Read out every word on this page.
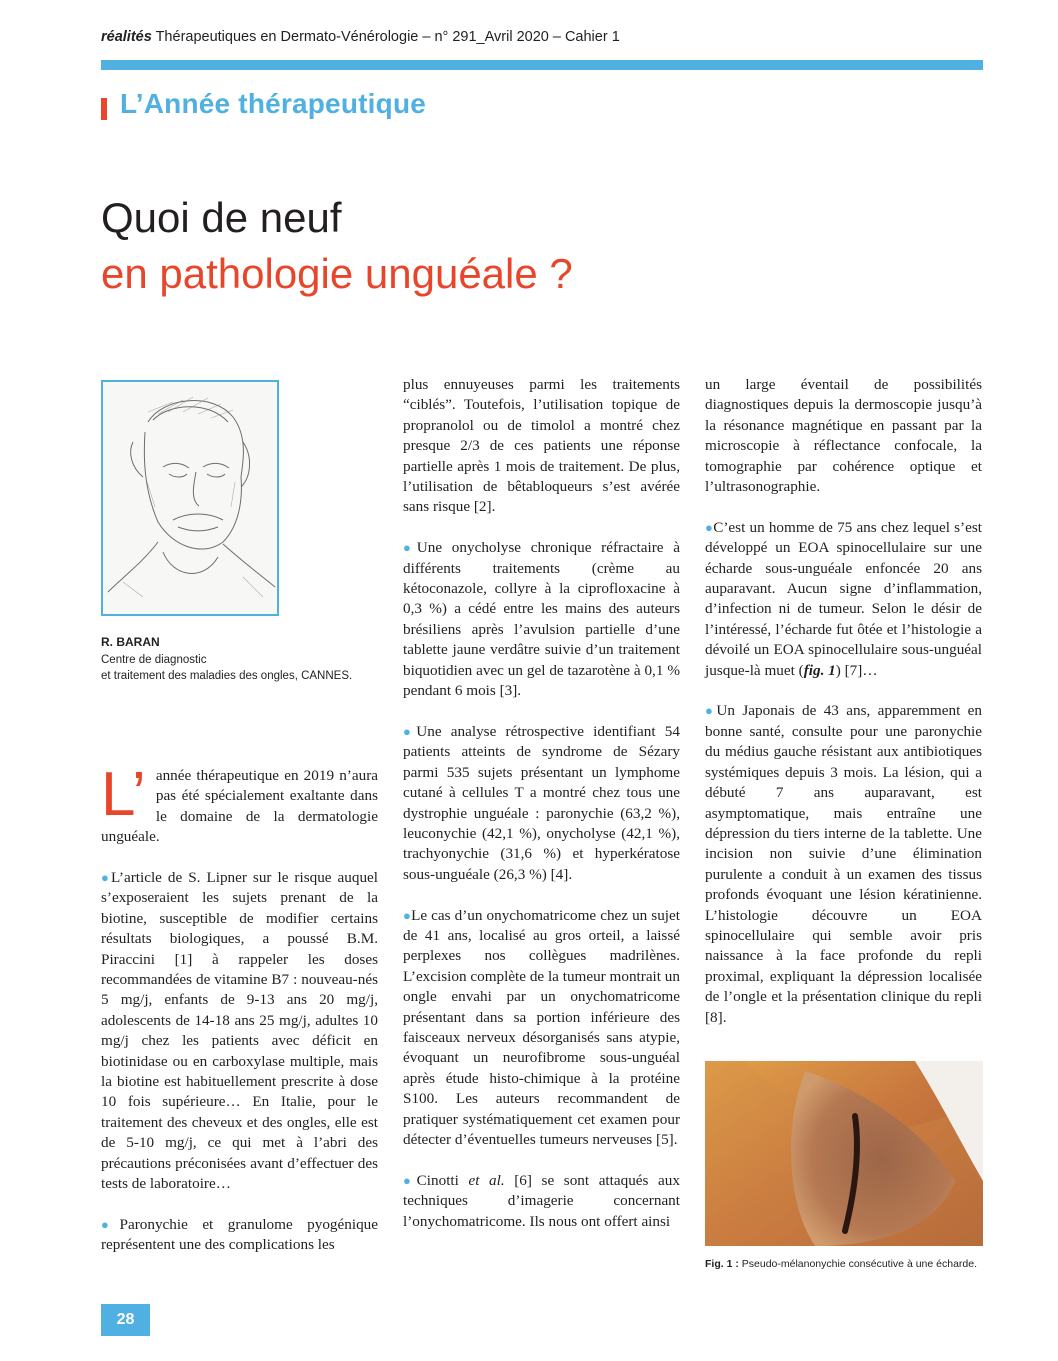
réalités Thérapeutiques en Dermato-Vénérologie – n° 291_Avril 2020 – Cahier 1
L’Année thérapeutique
Quoi de neuf
en pathologie unguéale ?
R. BARAN
Centre de diagnostic
et traitement des maladies des ongles, CANNES.

L’ année thérapeutique en 2019 n’aura pas été spécialement exaltante dans le domaine de la dermatologie unguéale.

●L’article de S. Lipner sur le risque auquel s’exposeraient les sujets prenant de la biotine, susceptible de modifier certains résultats biologiques, a poussé B.M. Piraccini [1] à rappeler les doses recommandées de vitamine B7 : nouveau-nés 5 mg/j, enfants de 9-13 ans 20 mg/j, adolescents de 14-18 ans 25 mg/j, adultes 10 mg/j chez les patients avec déficit en biotinidase ou en carboxylase multiple, mais la biotine est habituellement prescrite à dose 10 fois supérieure… En Italie, pour le traitement des cheveux et des ongles, elle est de 5-10 mg/j, ce qui met à l’abri des précautions préconisées avant d’effectuer des tests de laboratoire…

●Paronychie et granulome pyogénique représentent une des complications les

plus ennuyeuses parmi les traitements “ciblés”. Toutefois, l’utilisation topique de propranolol ou de timolol a montré chez presque 2/3 de ces patients une réponse partielle après 1 mois de traitement. De plus, l’utilisation de bêtabloqueurs s’est avérée sans risque [2].

●Une onycholyse chronique réfractaire à différents traitements (crème au kétoconazole, collyre à la ciprofloxacine à 0,3 %) a cédé entre les mains des auteurs brésiliens après l’avulsion partielle d’une tablette jaune verdâtre suivie d’un traitement biquotidien avec un gel de tazarotène à 0,1 % pendant 6 mois [3].

●Une analyse rétrospective identifiant 54 patients atteints de syndrome de Sézary parmi 535 sujets présentant un lymphome cutané à cellules T a montré chez tous une dystrophie unguéale : paronychie (63,2 %), leuconychie (42,1 %), onycholyse (42,1 %), trachyonychie (31,6 %) et hyperkératose sous-unguéale (26,3 %) [4].

●Le cas d’un onychomatricome chez un sujet de 41 ans, localisé au gros orteil, a laissé perplexes nos collègues madrilènes. L’excision complète de la tumeur montrait un ongle envahi par un onychomatricome présentant dans sa portion inférieure des faisceaux nerveux désorganisés sans atypie, évoquant un neurofibrome sous-unguéal après étude histo-chimique à la protéine S100. Les auteurs recommandent de pratiquer systématiquement cet examen pour détecter d’éventuelles tumeurs nerveuses [5].

●Cinotti et al. [6] se sont attaqués aux techniques d’imagerie concernant l’onychomatricome. Ils nous ont offert ainsi

un large éventail de possibilités diagnostiques depuis la dermoscopie jusqu’à la résonance magnétique en passant par la microscopie à réflectance confocale, la tomographie par cohérence optique et l’ultrasonographie.

●C’est un homme de 75 ans chez lequel s’est développé un EOA spinocellulaire sur une écharde sous-unguéale enfoncée 20 ans auparavant. Aucun signe d’inflammation, d’infection ni de tumeur. Selon le désir de l’intéressé, l’écharde fut ôtée et l’histologie a dévoilé un EOA spinocellulaire sous-unguéal jusque-là muet (fig. 1) [7]…

●Un Japonais de 43 ans, apparemment en bonne santé, consulte pour une paronychie du médius gauche résistant aux antibiotiques systémiques depuis 3 mois. La lésion, qui a débuté 7 ans auparavant, est asymptomatique, mais entraîne une dépression du tiers interne de la tablette. Une incision non suivie d’une élimination purulente a conduit à un examen des tissus profonds évoquant une lésion kératinienne. L’histologie découvre un EOA spinocellulaire qui semble avoir pris naissance à la face profonde du repli proximal, expliquant la dépression localisée de l’ongle et la présentation clinique du repli [8].

Fig. 1 : Pseudo-mélanonychie consécutive à une écharde.
28
